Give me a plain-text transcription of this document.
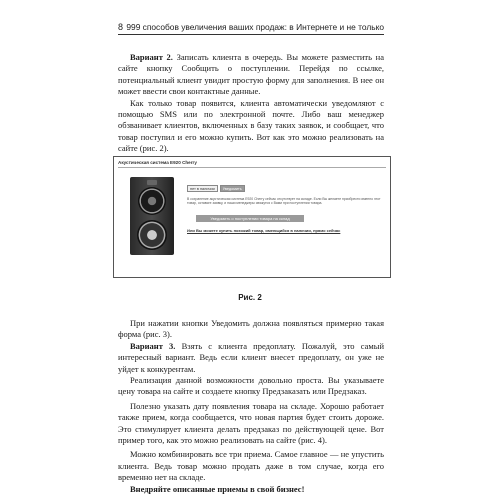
8 999 способов увеличения ваших продаж: в Интернете и не только

Вариант 2. Записать клиента в очередь. Вы можете разместить на сайте кнопку Сообщить о поступлении. Перейдя по ссылке, потенциальный клиент увидит простую форму для заполнения. В нее он может ввести свои контактные данные.

Как только товар появится, клиента автоматически уведомляют с помощью SMS или по электронной почте. Либо ваш менеджер обзванивает клиентов, включенных в базу таких заявок, и сообщает, что товар поступил и его можно купить. Вот как это можно реализовать на сайте (рис. 2).

Акустическая система E920 Cherry
нет в наличии	Уведомить
В сохранение акустическая система E920 Cherry сейчас отсутствует на складе. Если Вы желаете приобрести именно этот товар, оставьте заявку, и наши менеджеры свяжутся с Вами при поступлении товара.
Уведомить о поступлении товара на склад
Или Вы можете купить похожий товар, имеющийся в наличии, прямо сейчас
Рис. 2

При нажатии кнопки Уведомить должна появляться примерно такая форма (рис. 3).

Вариант 3. Взять с клиента предоплату. Пожалуй, это самый интересный вариант. Ведь если клиент внесет предоплату, он уже не уйдет к конкурентам.

Реализация данной возможности довольно проста. Вы указываете цену товара на сайте и создаете кнопку Предзаказать или Предзаказ.

Полезно указать дату появления товара на складе. Хорошо работает также прием, когда сообщается, что новая партия будет стоить дороже. Это стимулирует клиента делать предзаказ по действующей цене. Вот пример того, как это можно реализовать на сайте (рис. 4).

Можно комбинировать все три приема. Самое главное — не упустить клиента. Ведь товар можно продать даже в том случае, когда его временно нет на складе.

Внедряйте описанные приемы в свой бизнес!
